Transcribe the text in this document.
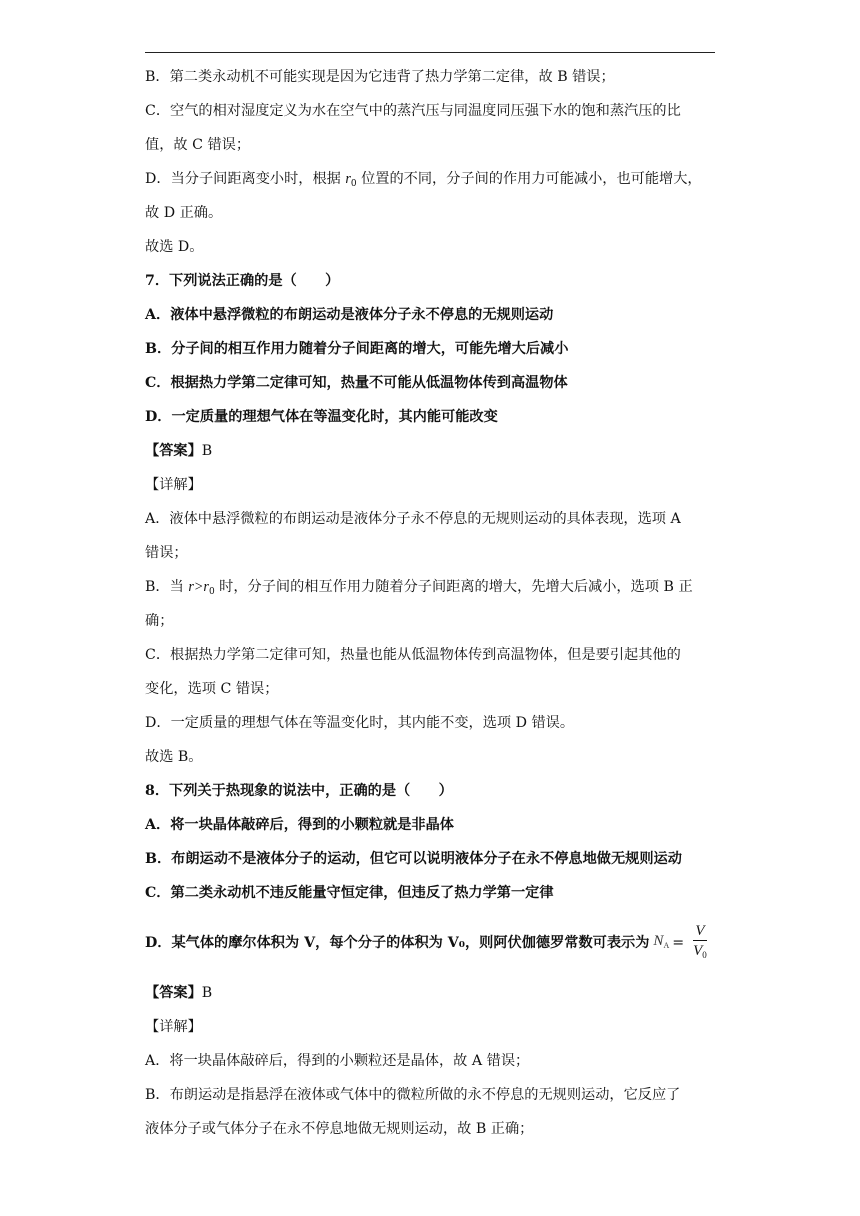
B．第二类永动机不可能实现是因为它违背了热力学第二定律，故 B 错误；
C．空气的相对湿度定义为水在空气中的蒸汽压与同温度同压强下水的饱和蒸汽压的比
值，故 C 错误；
D．当分子间距离变小时，根据 $r_0$ 位置的不同，分子间的作用力可能减小，也可能增大，
故 D 正确。
故选 D。
7．下列说法正确的是（　　）
A．液体中悬浮微粒的布朗运动是液体分子永不停息的无规则运动
B．分子间的相互作用力随着分子间距离的增大，可能先增大后减小
C．根据热力学第二定律可知，热量不可能从低温物体传到高温物体
D．一定质量的理想气体在等温变化时，其内能可能改变
【答案】B
【详解】
A．液体中悬浮微粒的布朗运动是液体分子永不停息的无规则运动的具体表现，选项 A
错误；
B．当 $r>r_0$ 时，分子间的相互作用力随着分子间距离的增大，先增大后减小，选项 B 正
确；
C．根据热力学第二定律可知，热量也能从低温物体传到高温物体，但是要引起其他的
变化，选项 C 错误；
D．一定质量的理想气体在等温变化时，其内能不变，选项 D 错误。
故选 B。
8．下列关于热现象的说法中，正确的是（　　）
A．将一块晶体敲碎后，得到的小颗粒就是非晶体
B．布朗运动不是液体分子的运动，但它可以说明液体分子在永不停息地做无规则运动
C．第二类永动机不违反能量守恒定律，但违反了热力学第一定律
D．某气体的摩尔体积为 V，每个分子的体积为 V₀，则阿伏伽德罗常数可表示为 $N_A = \frac{V}{V_0}$
【答案】B
【详解】
A．将一块晶体敲碎后，得到的小颗粒还是晶体，故 A 错误；
B．布朗运动是指悬浮在液体或气体中的微粒所做的永不停息的无规则运动，它反应了
液体分子或气体分子在永不停息地做无规则运动，故 B 正确；
